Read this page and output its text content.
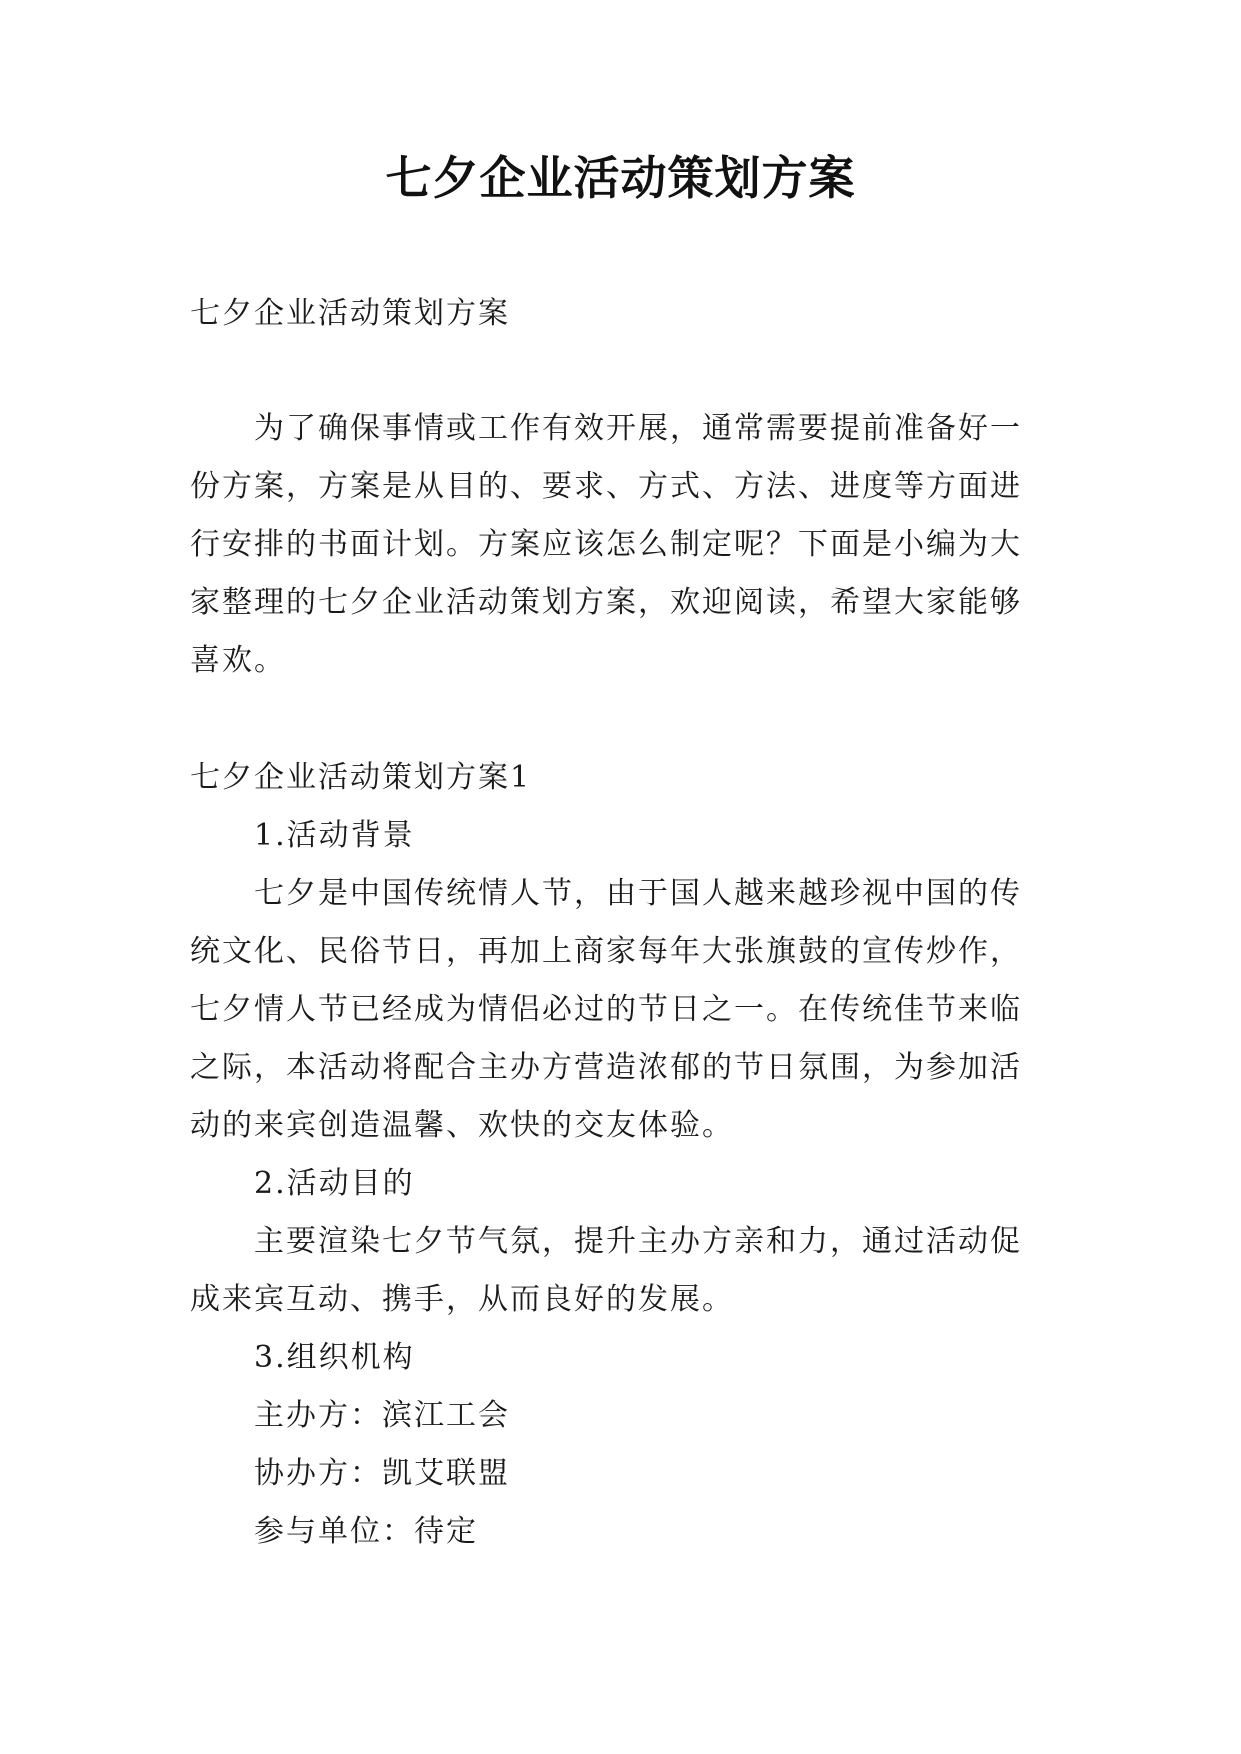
七夕企业活动策划方案

七夕企业活动策划方案

为了确保事情或工作有效开展，通常需要提前准备好一份方案，方案是从目的、要求、方式、方法、进度等方面进行安排的书面计划。方案应该怎么制定呢？下面是小编为大家整理的七夕企业活动策划方案，欢迎阅读，希望大家能够喜欢。

七夕企业活动策划方案1

1.活动背景

七夕是中国传统情人节，由于国人越来越珍视中国的传统文化、民俗节日，再加上商家每年大张旗鼓的宣传炒作，七夕情人节已经成为情侣必过的节日之一。在传统佳节来临之际，本活动将配合主办方营造浓郁的节日氛围，为参加活动的来宾创造温馨、欢快的交友体验。

2.活动目的

主要渲染七夕节气氛，提升主办方亲和力，通过活动促成来宾互动、携手，从而良好的发展。

3.组织机构

主办方：滨江工会

协办方：凯艾联盟

参与单位：待定
